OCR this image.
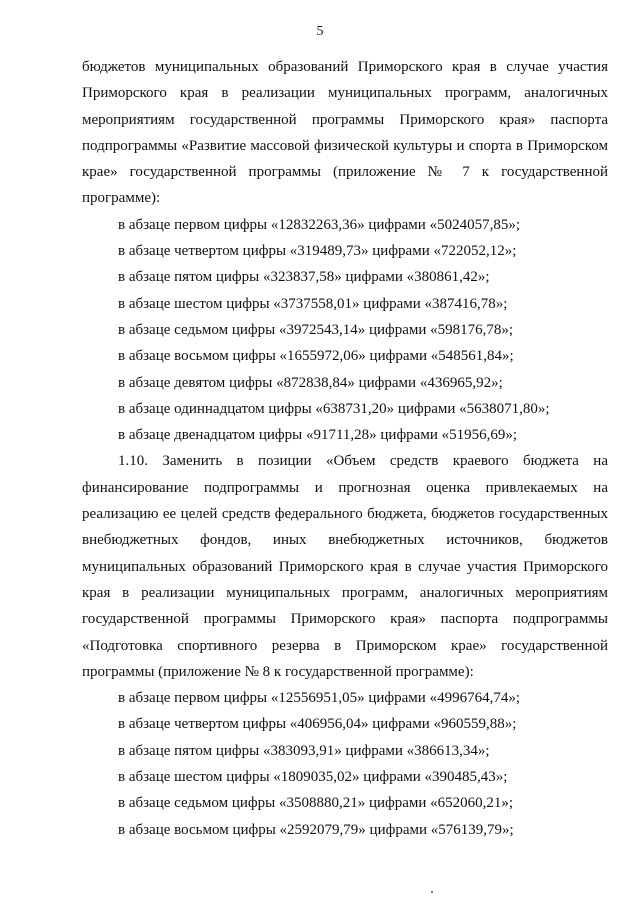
5

бюджетов муниципальных образований Приморского края в случае участия Приморского края в реализации муниципальных программ, аналогичных мероприятиям государственной программы Приморского края» паспорта подпрограммы «Развитие массовой физической культуры и спорта в Приморском крае» государственной программы (приложение № 7 к государственной программе):

в абзаце первом цифры «12832263,36» цифрами «5024057,85»;

в абзаце четвертом цифры «319489,73» цифрами «722052,12»;

в абзаце пятом цифры «323837,58» цифрами «380861,42»;

в абзаце шестом цифры «3737558,01» цифрами «387416,78»;

в абзаце седьмом цифры «3972543,14» цифрами «598176,78»;

в абзаце восьмом цифры «1655972,06» цифрами «548561,84»;

в абзаце девятом цифры «872838,84» цифрами «436965,92»;

в абзаце одиннадцатом цифры «638731,20» цифрами «5638071,80»;

в абзаце двенадцатом цифры «91711,28» цифрами «51956,69»;

1.10. Заменить в позиции «Объем средств краевого бюджета на финансирование подпрограммы и прогнозная оценка привлекаемых на реализацию ее целей средств федерального бюджета, бюджетов государственных внебюджетных фондов, иных внебюджетных источников, бюджетов муниципальных образований Приморского края в случае участия Приморского края в реализации муниципальных программ, аналогичных мероприятиям государственной программы Приморского края» паспорта подпрограммы «Подготовка спортивного резерва в Приморском крае» государственной программы (приложение № 8 к государственной программе):

в абзаце первом цифры «12556951,05» цифрами «4996764,74»;

в абзаце четвертом цифры «406956,04» цифрами «960559,88»;

в абзаце пятом цифры «383093,91» цифрами «386613,34»;

в абзаце шестом цифры «1809035,02» цифрами «390485,43»;

в абзаце седьмом цифры «3508880,21» цифрами «652060,21»;

в абзаце восьмом цифры «2592079,79» цифрами «576139,79»;
